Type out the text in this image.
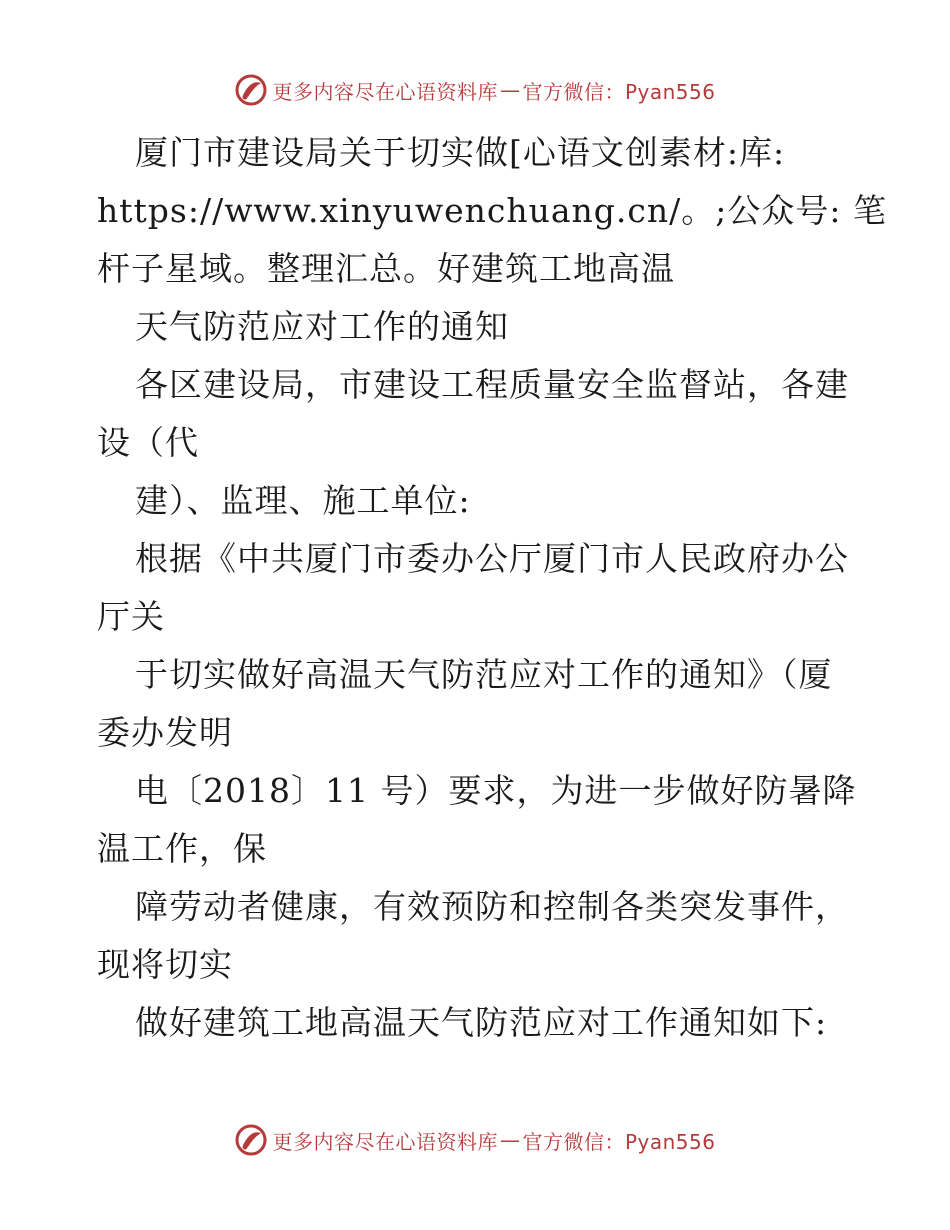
更多内容尽在心语资料库 — 官方微信：Pyan556
厦门市建设局关于切实做[心语文创素材:库:
https://www.xinyuwenchuang.cn/。;公众号: 笔
杆子星域。整理汇总。好建筑工地高温
天气防范应对工作的通知
各区建设局，市建设工程质量安全监督站，各建
设（代
建）、监理、施工单位:
根据《中共厦门市委办公厅厦门市人民政府办公
厅关
于切实做好高温天气防范应对工作的通知》（厦
委办发明
电〔2018〕11 号）要求，为进一步做好防暑降
温工作，保
障劳动者健康，有效预防和控制各类突发事件，
现将切实
做好建筑工地高温天气防范应对工作通知如下:
更多内容尽在心语资料库 — 官方微信：Pyan556
